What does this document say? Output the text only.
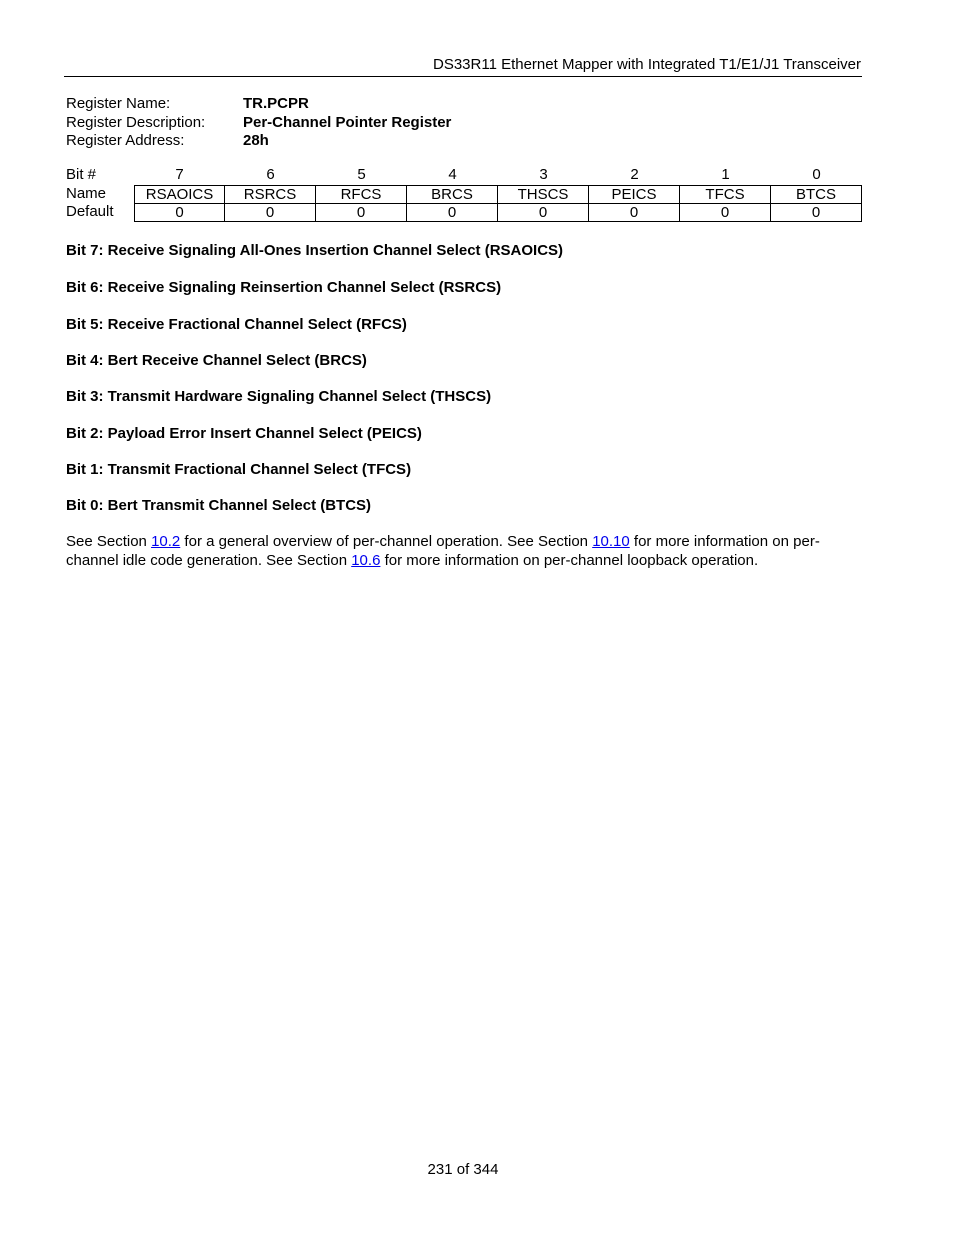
DS33R11 Ethernet Mapper with Integrated T1/E1/J1 Transceiver
Register Name:	TR.PCPR
Register Description:	Per-Channel Pointer Register
Register Address:	28h
Bit #	7	6	5	4	3	2	1	0
Name	RSAOICS	RSRCS	RFCS	BRCS	THSCS	PEICS	TFCS	BTCS
Default	0	0	0	0	0	0	0	0
Bit 7: Receive Signaling All-Ones Insertion Channel Select (RSAOICS)
Bit 6: Receive Signaling Reinsertion Channel Select (RSRCS)
Bit 5: Receive Fractional Channel Select (RFCS)
Bit 4: Bert Receive Channel Select (BRCS)
Bit 3: Transmit Hardware Signaling Channel Select (THSCS)
Bit 2: Payload Error Insert Channel Select (PEICS)
Bit 1: Transmit Fractional Channel Select (TFCS)
Bit 0: Bert Transmit Channel Select (BTCS)
See Section 10.2 for a general overview of per-channel operation. See Section 10.10 for more information on per-channel idle code generation. See Section 10.6 for more information on per-channel loopback operation.
231 of 344
